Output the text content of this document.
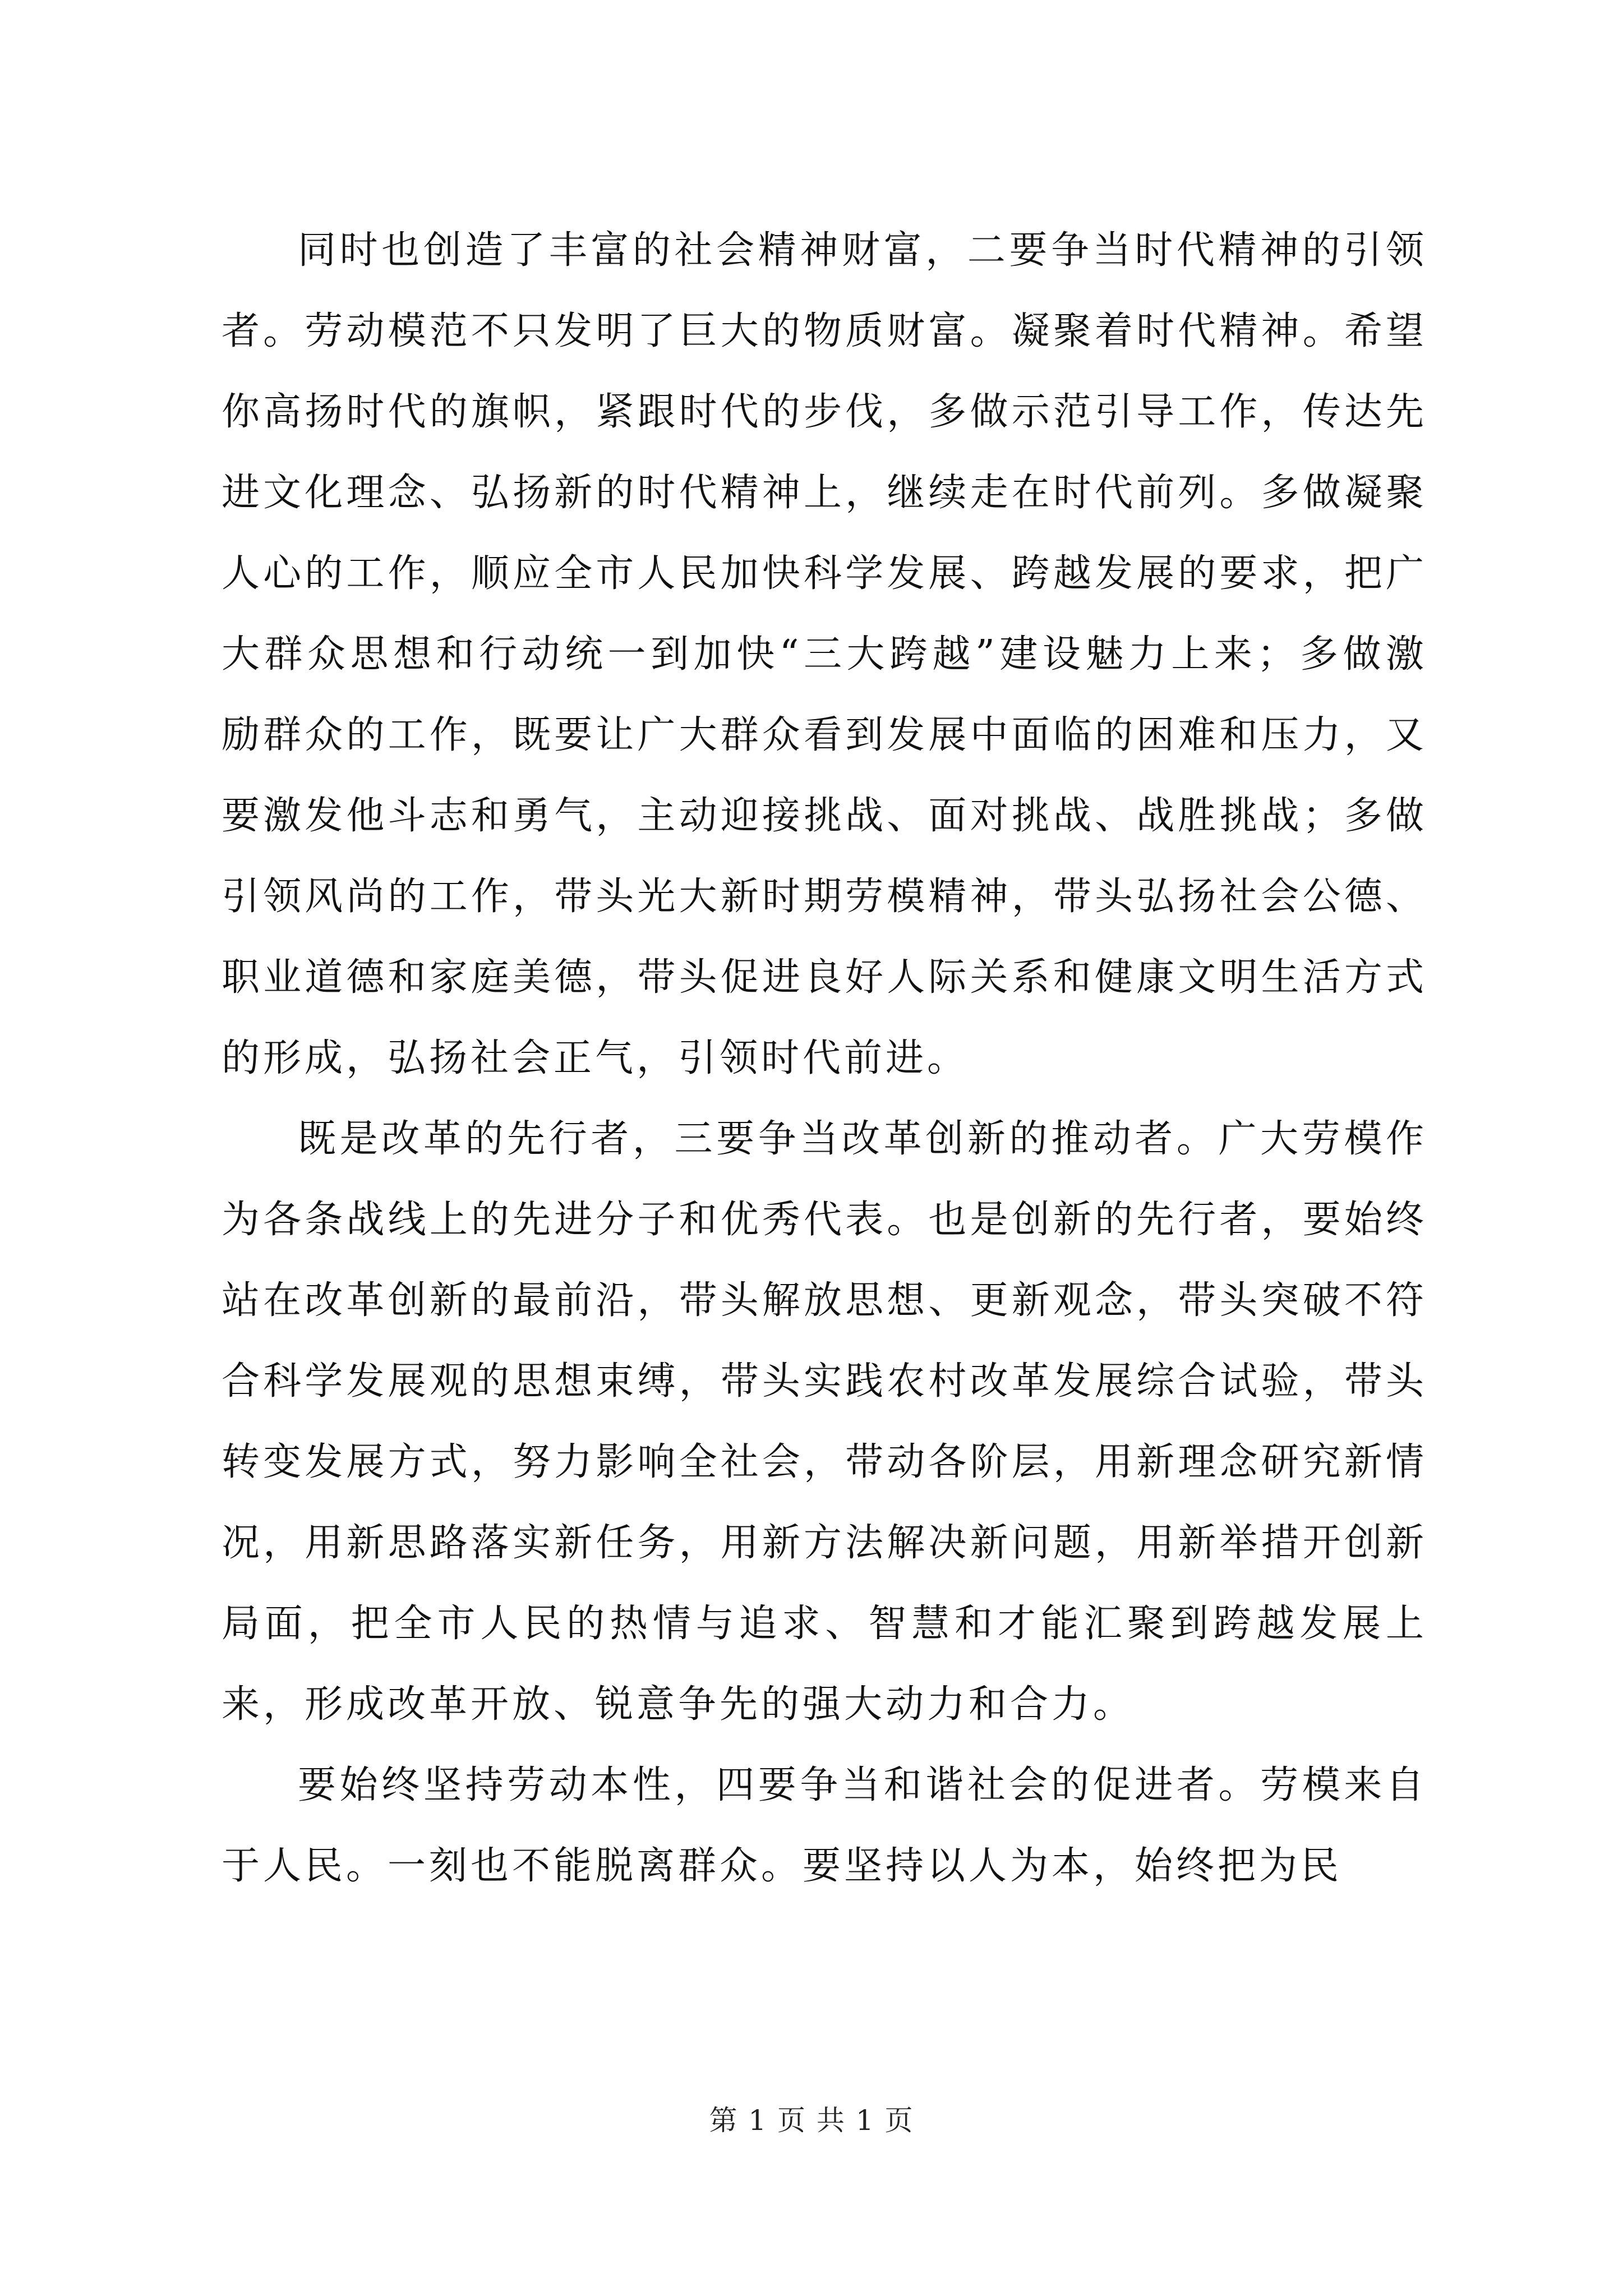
同时也创造了丰富的社会精神财富，二要争当时代精神的引领者。劳动模范不只发明了巨大的物质财富。凝聚着时代精神。希望你高扬时代的旗帜，紧跟时代的步伐，多做示范引导工作，传达先进文化理念、弘扬新的时代精神上，继续走在时代前列。多做凝聚人心的工作，顺应全市人民加快科学发展、跨越发展的要求，把广大群众思想和行动统一到加快“三大跨越”建设魅力上来；多做激励群众的工作，既要让广大群众看到发展中面临的困难和压力，又要激发他斗志和勇气，主动迎接挑战、面对挑战、战胜挑战；多做引领风尚的工作，带头光大新时期劳模精神，带头弘扬社会公德、职业道德和家庭美德，带头促进良好人际关系和健康文明生活方式的形成，弘扬社会正气，引领时代前进。

既是改革的先行者，三要争当改革创新的推动者。广大劳模作为各条战线上的先进分子和优秀代表。也是创新的先行者，要始终站在改革创新的最前沿，带头解放思想、更新观念，带头突破不符合科学发展观的思想束缚，带头实践农村改革发展综合试验，带头转变发展方式，努力影响全社会，带动各阶层，用新理念研究新情况，用新思路落实新任务，用新方法解决新问题，用新举措开创新局面，把全市人民的热情与追求、智慧和才能汇聚到跨越发展上来，形成改革开放、锐意争先的强大动力和合力。

要始终坚持劳动本性，四要争当和谐社会的促进者。劳模来自于人民。一刻也不能脱离群众。要坚持以人为本，始终把为民

第 1 页 共 1 页
